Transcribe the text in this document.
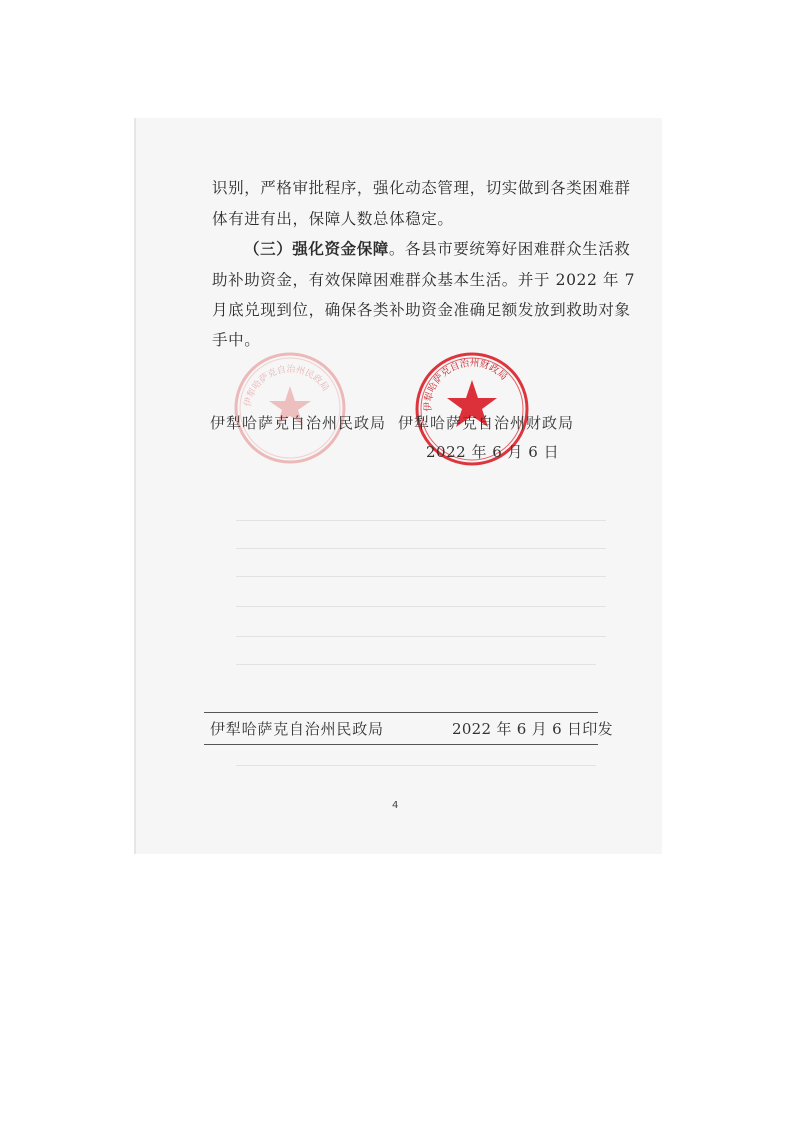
识别，严格审批程序，强化动态管理，切实做到各类困难群
体有进有出，保障人数总体稳定。
（三）强化资金保障。各县市要统筹好困难群众生活救
助补助资金，有效保障困难群众基本生活。并于 2022 年 7
月底兑现到位，确保各类补助资金准确足额发放到救助对象
手中。
伊犁哈萨克自治州民政局
伊犁哈萨克自治州财政局
伊犁哈萨克自治州民政局 伊犁哈萨克自治州财政局
2022 年 6 月 6 日
伊犁哈萨克自治州民政局	2022 年 6 月 6 日印发
4
